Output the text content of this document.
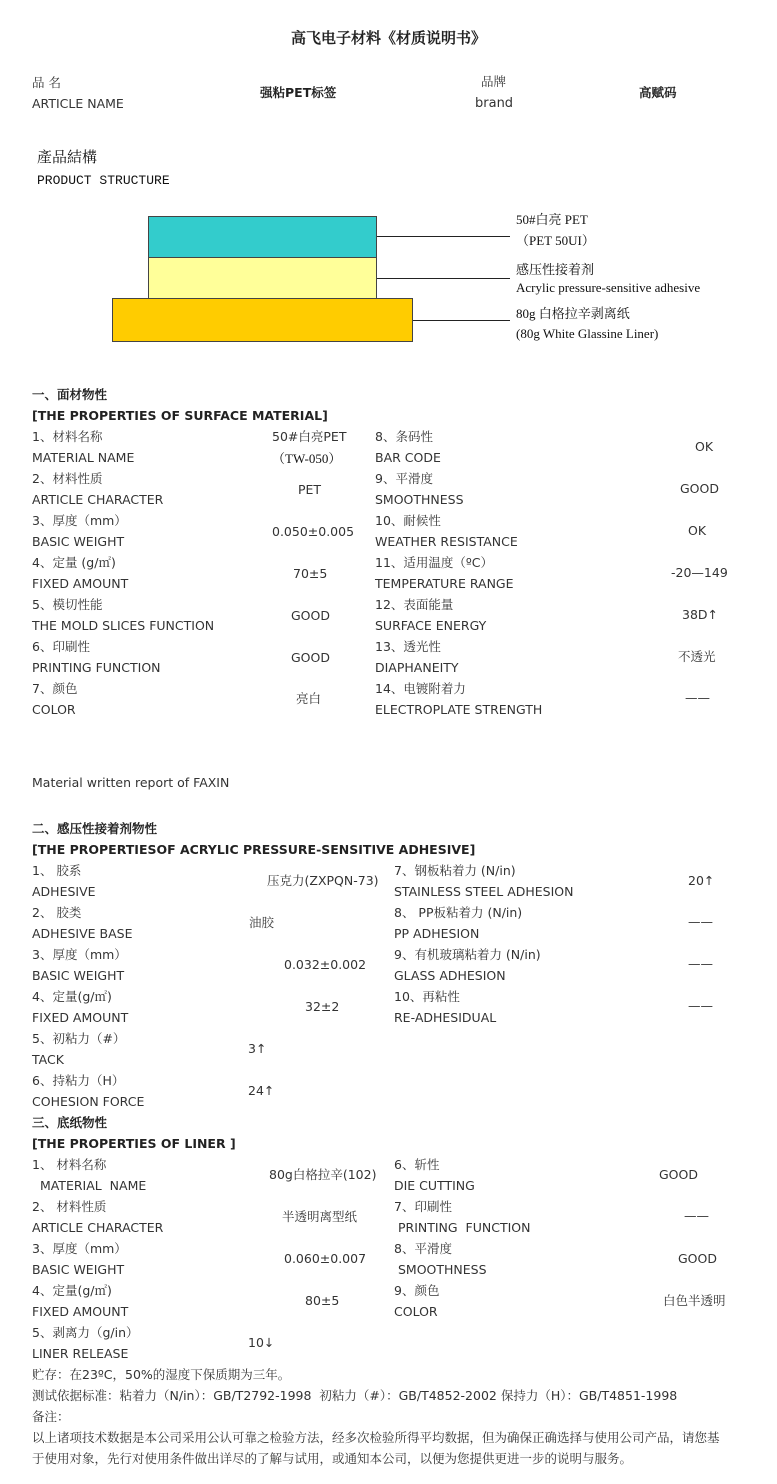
高飞电子材料《材质说明书》
品 名
ARTICLE NAME
强粘PET标签
品牌
brand
高赋码
產品結構
PRODUCT STRUCTURE
50#白亮 PET
（PET 50UI）
感压性接着剂
Acrylic pressure-sensitive adhesive
80g 白格拉辛剥离纸
(80g White Glassine Liner)
一、面材物性
[THE PROPERTIES OF SURFACE MATERIAL]
1、材料名称
MATERIAL NAME
50#白亮PET
（TW-050）
2、材料性质
ARTICLE CHARACTER
PET
3、厚度（mm）
BASIC WEIGHT
0.050±0.005
4、定量 (g/㎡)
FIXED AMOUNT
70±5
5、模切性能
THE MOLD SLICES FUNCTION
GOOD
6、印刷性
PRINTING FUNCTION
GOOD
7、颜色
COLOR
亮白
8、条码性
BAR CODE
OK
9、平滑度
SMOOTHNESS
GOOD
10、耐候性
WEATHER RESISTANCE
OK
11、适用温度（ºC）
TEMPERATURE RANGE
-20—149
12、表面能量
SURFACE ENERGY
38D↑
13、透光性
DIAPHANEITY
不透光
14、电镀附着力
ELECTROPLATE STRENGTH
——
Material written report of FAXIN
二、感压性接着剂物性
[THE PROPERTIESOF ACRYLIC PRESSURE-SENSITIVE ADHESIVE]
1、 胶系
ADHESIVE
压克力(ZXPQN-73)
2、 胶类
ADHESIVE BASE
油胶
3、厚度（mm）
BASIC WEIGHT
0.032±0.002
4、定量(g/㎡)
FIXED AMOUNT
32±2
5、初粘力（#）
TACK
3↑
6、持粘力（H）
COHESION FORCE
24↑
7、钢板粘着力 (N/in)
STAINLESS STEEL ADHESION
20↑
8、 PP板粘着力 (N/in)
PP ADHESION
——
9、有机玻璃粘着力 (N/in)
GLASS ADHESION
——
10、再粘性
RE-ADHESIDUAL
——
三、底纸物性
[THE PROPERTIES OF LINER ]
1、 材料名称
MATERIAL  NAME
80g白格拉辛(102)
2、 材料性质
ARTICLE CHARACTER
半透明离型纸
3、厚度（mm）
BASIC WEIGHT
0.060±0.007
4、定量(g/㎡)
FIXED AMOUNT
80±5
5、剥离力（g/in）
LINER RELEASE
10↓
6、斩性
DIE CUTTING
GOOD
7、印刷性
PRINTING  FUNCTION
——
8、平滑度
SMOOTHNESS
GOOD
9、颜色
COLOR
白色半透明
贮存：在23ºC，50%的湿度下保质期为三年。
测试依据标准：粘着力（N/in）：GB/T2792-1998  初粘力（#）：GB/T4852-2002 保持力（H）：GB/T4851-1998
备注：
以上诸项技术数据是本公司采用公认可靠之检验方法，经多次检验所得平均数据，但为确保正确选择与使用公司产品，请您基
于使用对象，先行对使用条件做出详尽的了解与试用，或通知本公司，以便为您提供更进一步的说明与服务。
